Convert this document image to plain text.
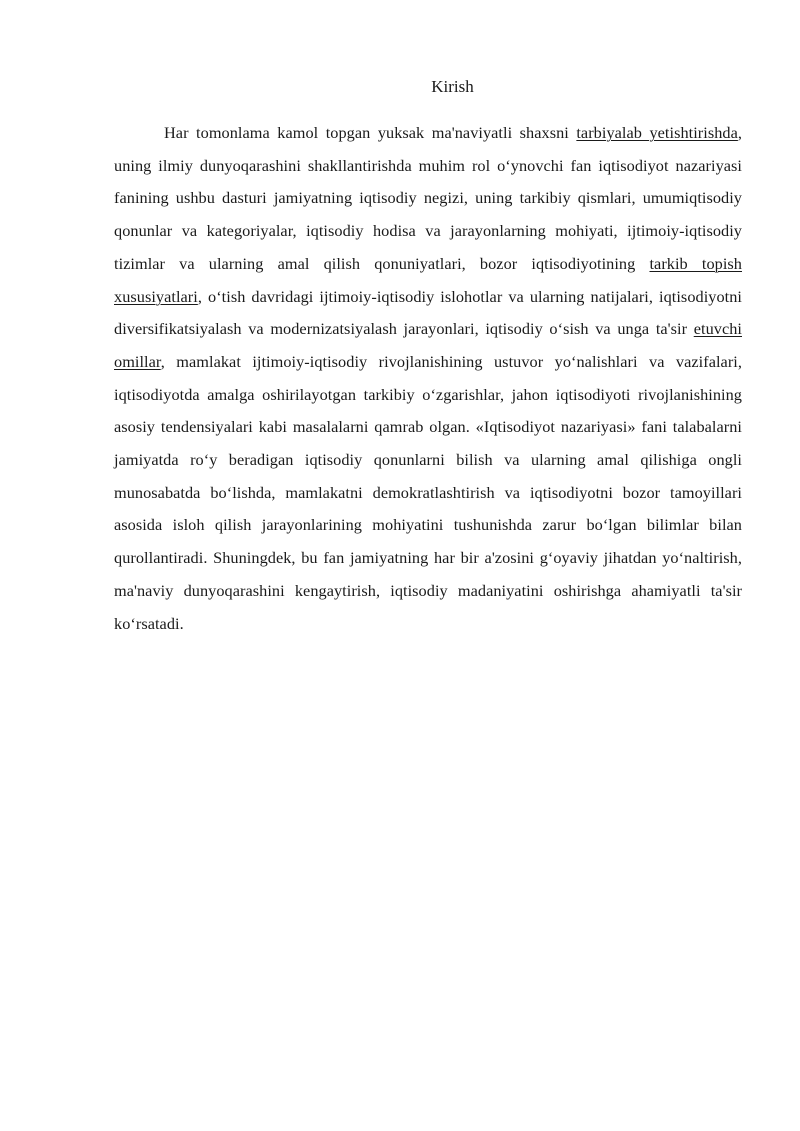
Kirish

Har tomonlama kamol topgan yuksak ma'naviyatli shaxsni tarbiyalab yetishtirishda, uning ilmiy dunyoqarashini shakllantirishda muhim rol o‘ynovchi fan iqtisodiyot nazariyasi fanining ushbu dasturi jamiyatning iqtisodiy negizi, uning tarkibiy qismlari, umumiqtisodiy qonunlar va kategoriyalar, iqtisodiy hodisa va jarayonlarning mohiyati, ijtimoiy-iqtisodiy tizimlar va ularning amal qilish qonuniyatlari, bozor iqtisodiyotining tarkib topish xususiyatlari, o‘tish davridagi ijtimoiy-iqtisodiy islohotlar va ularning natijalari, iqtisodiyotni diversifikatsiyalash va modernizatsiyalash jarayonlari, iqtisodiy o‘sish va unga ta'sir etuvchi omillar, mamlakat ijtimoiy-iqtisodiy rivojlanishining ustuvor yo‘nalishlari va vazifalari, iqtisodiyotda amalga oshirilayotgan tarkibiy o‘zgarishlar, jahon iqtisodiyoti rivojlanishining asosiy tendensiyalari kabi masalalarni qamrab olgan. «Iqtisodiyot nazariyasi» fani talabalarni jamiyatda ro‘y beradigan iqtisodiy qonunlarni bilish va ularning amal qilishiga ongli munosabatda bo‘lishda, mamlakatni demokratlashtirish va iqtisodiyotni bozor tamoyillari asosida isloh qilish jarayonlarining mohiyatini tushunishda zarur bo‘lgan bilimlar bilan qurollantiradi. Shuningdek, bu fan jamiyatning har bir a'zosini g‘oyaviy jihatdan yo‘naltirish, ma'naviy dunyoqarashini kengaytirish, iqtisodiy madaniyatini oshirishga ahamiyatli ta'sir ko‘rsatadi.
